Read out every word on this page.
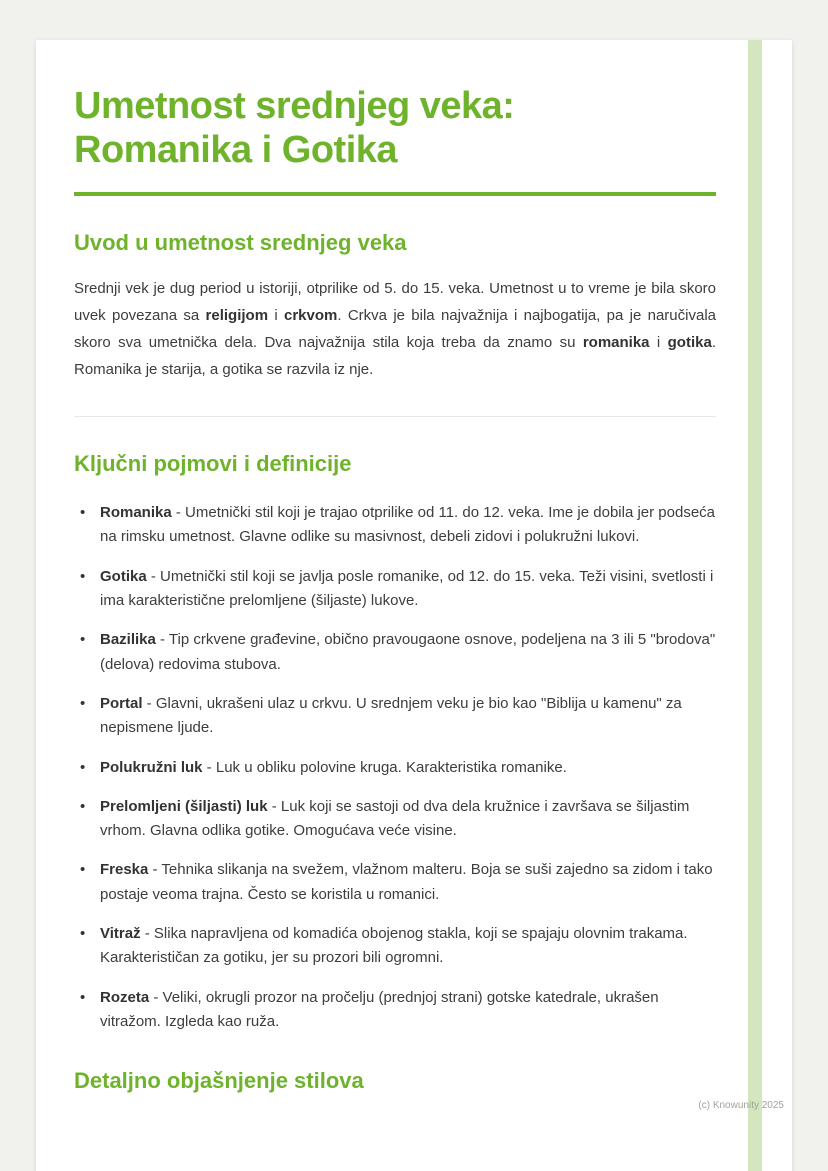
Umetnost srednjeg veka: Romanika i Gotika
Uvod u umetnost srednjeg veka

Srednji vek je dug period u istoriji, otprilike od 5. do 15. veka. Umetnost u to vreme je bila skoro uvek povezana sa religijom i crkvom. Crkva je bila najvažnija i najbogatija, pa je naručivala skoro sva umetnička dela. Dva najvažnija stila koja treba da znamo su romanika i gotika. Romanika je starija, a gotika se razvila iz nje.

Ključni pojmovi i definicije
• Romanika - Umetnički stil koji je trajao otprilike od 11. do 12. veka. Ime je dobila jer podseća na rimsku umetnost. Glavne odlike su masivnost, debeli zidovi i polukružni lukovi.
• Gotika - Umetnički stil koji se javlja posle romanike, od 12. do 15. veka. Teži visini, svetlosti i ima karakteristične prelomljene (šiljaste) lukove.
• Bazilika - Tip crkvene građevine, obično pravougaone osnove, podeljena na 3 ili 5 "brodova" (delova) redovima stubova.
• Portal - Glavni, ukrašeni ulaz u crkvu. U srednjem veku je bio kao "Biblija u kamenu" za nepismene ljude.
• Polukružni luk - Luk u obliku polovine kruga. Karakteristika romanike.
• Prelomljeni (šiljasti) luk - Luk koji se sastoji od dva dela kružnice i završava se šiljastim vrhom. Glavna odlika gotike. Omogućava veće visine.
• Freska - Tehnika slikanja na svežem, vlažnom malteru. Boja se suši zajedno sa zidom i tako postaje veoma trajna. Često se koristila u romanici.
• Vitraž - Slika napravljena od komadića obojenog stakla, koji se spajaju olovnim trakama. Karakterističan za gotiku, jer su prozori bili ogromni.
• Rozeta - Veliki, okrugli prozor na pročelju (prednjoj strani) gotske katedrale, ukrašen vitražom. Izgleda kao ruža.
Detaljno objašnjenje stilova
(c) Knowunity 2025
